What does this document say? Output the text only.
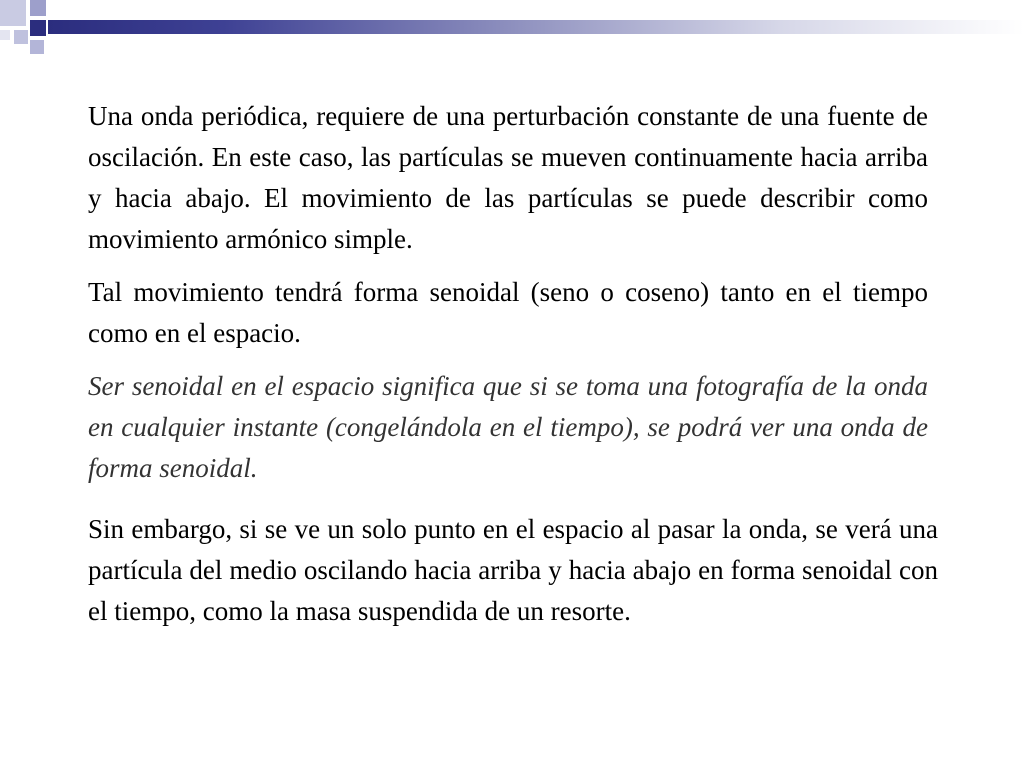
Una onda periódica, requiere de una perturbación constante de una fuente de oscilación. En este caso, las partículas se mueven continuamente hacia arriba y hacia abajo. El movimiento de las partículas se puede describir como movimiento armónico simple.

Tal movimiento tendrá forma senoidal (seno o coseno) tanto en el tiempo como en el espacio.

Ser senoidal en el espacio significa que si se toma una fotografía de la onda en cualquier instante (congelándola en el tiempo), se podrá ver una onda de forma senoidal.

Sin embargo, si se ve un solo punto en el espacio al pasar la onda, se verá una partícula del medio oscilando hacia arriba y hacia abajo en forma senoidal con el tiempo, como la masa suspendida de un resorte.
